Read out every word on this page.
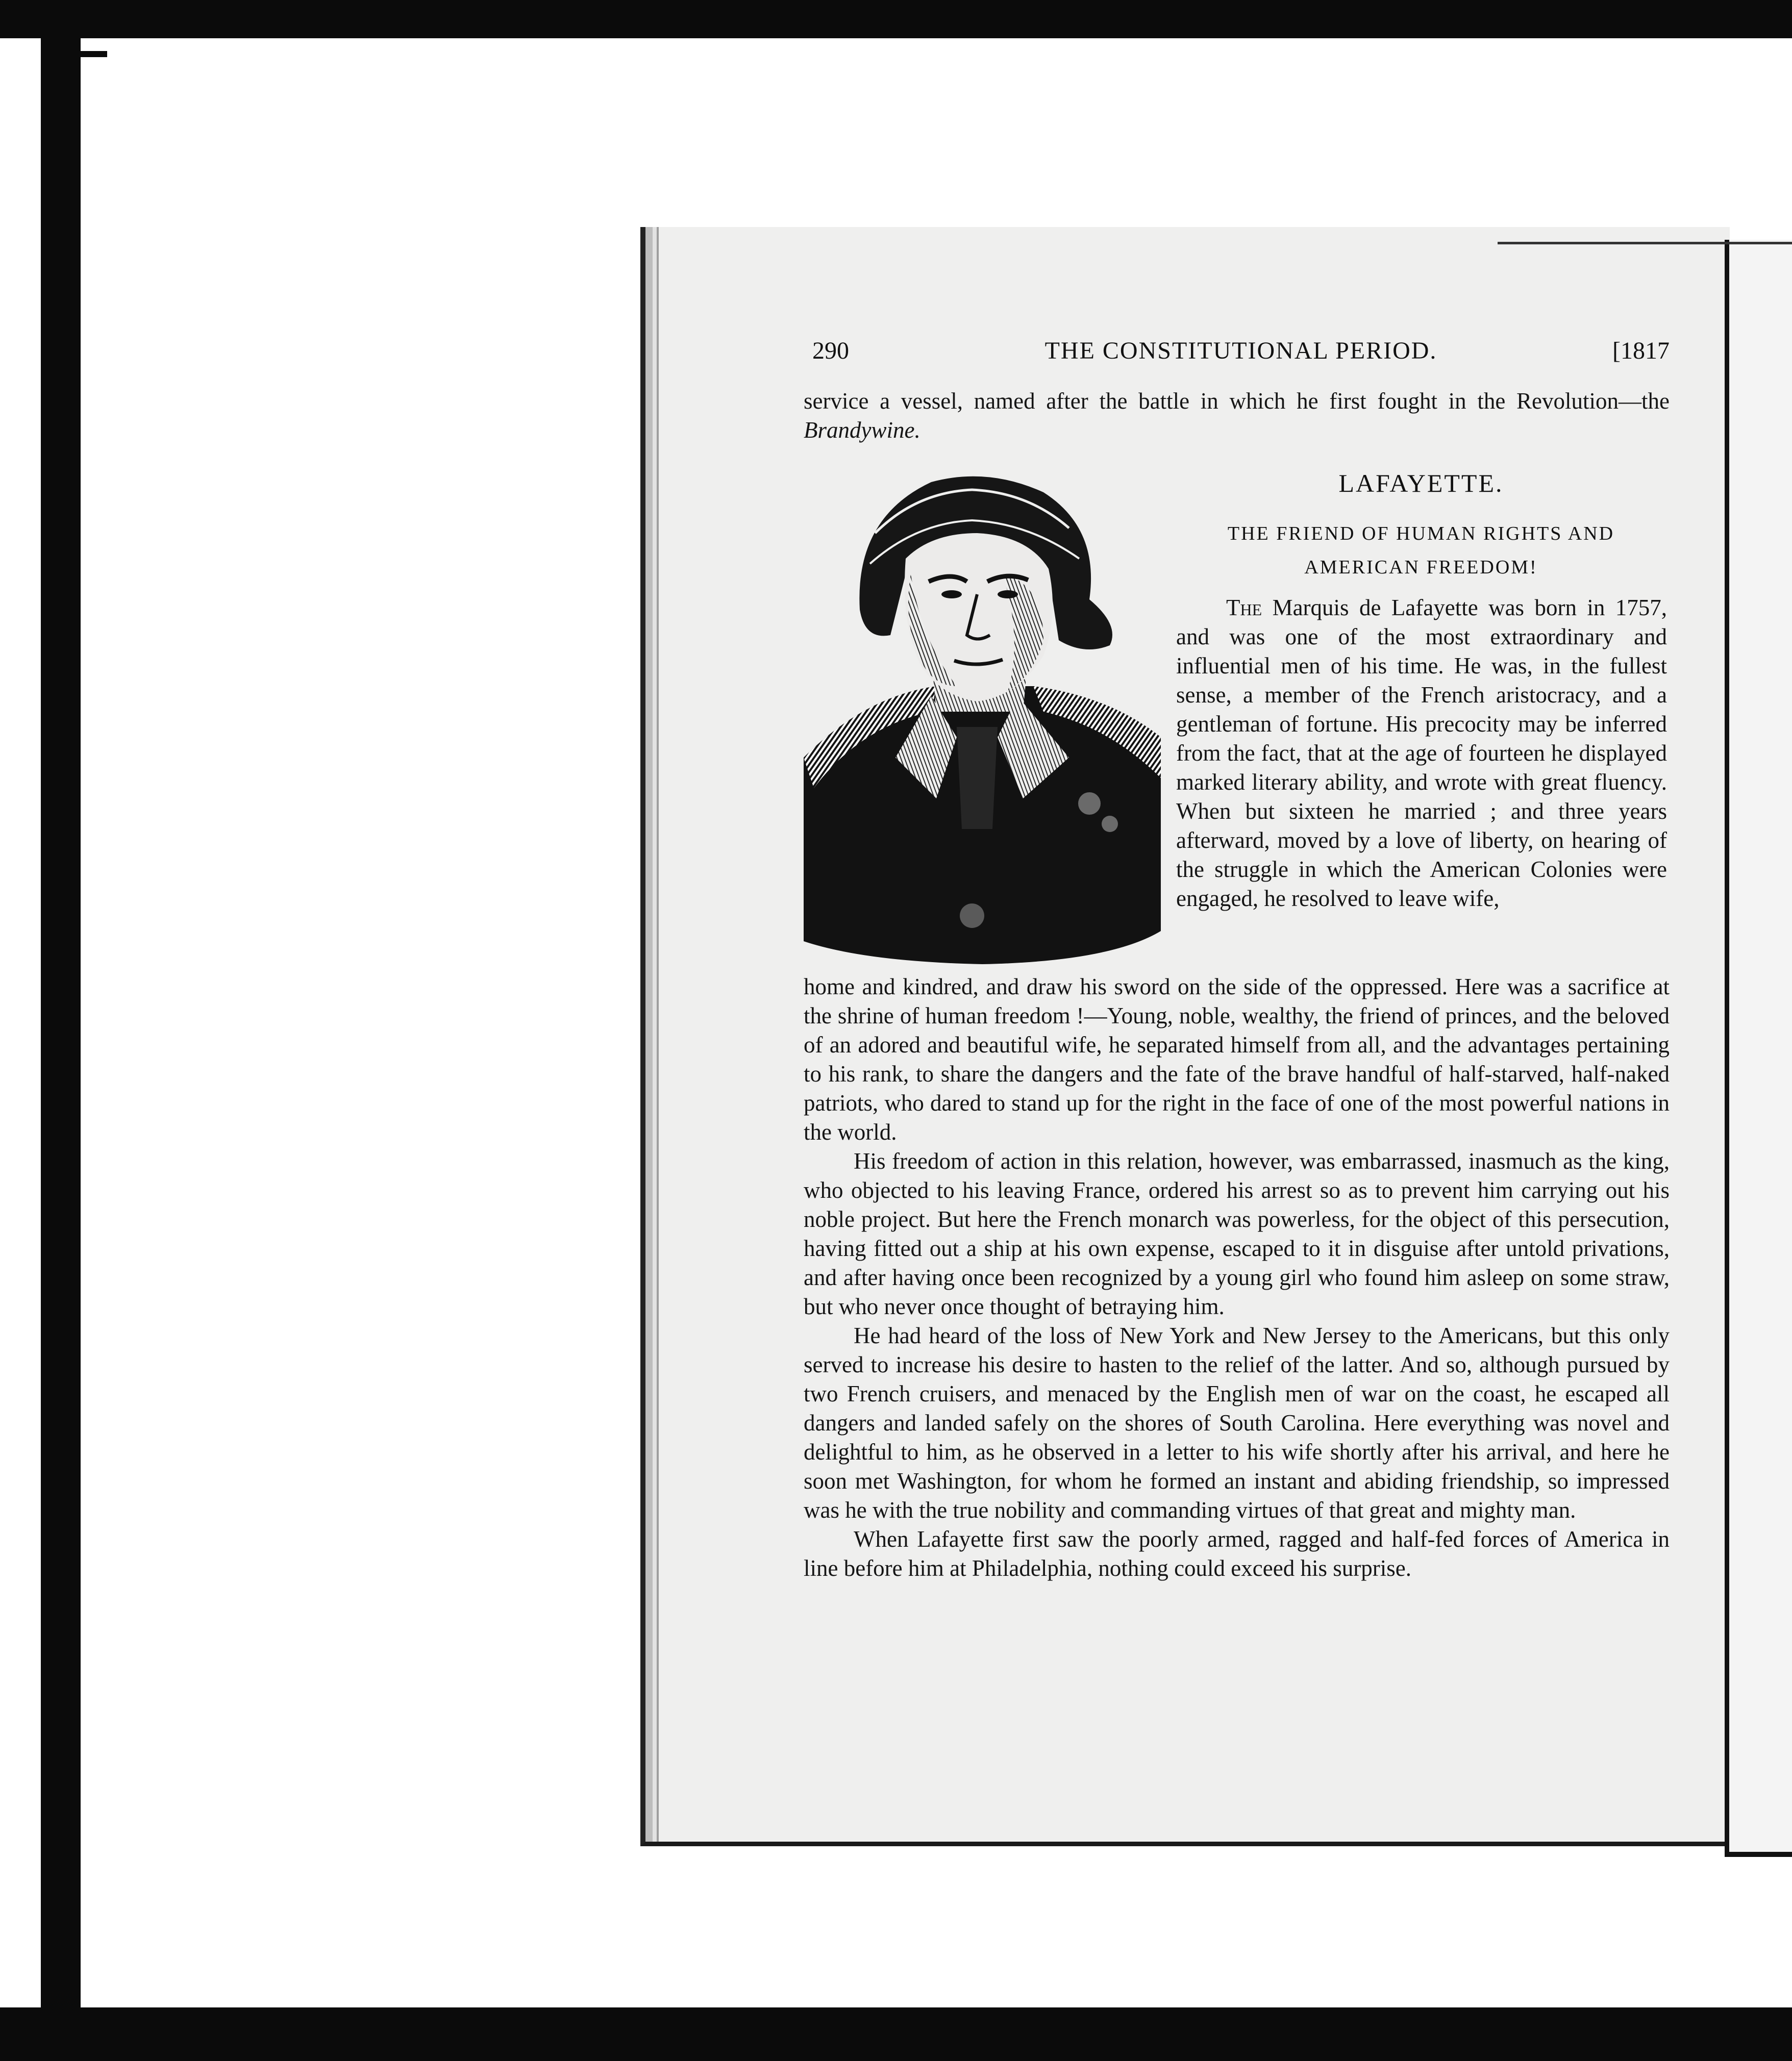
290	THE CONSTITUTIONAL PERIOD.	[1817
service a vessel, named after the battle in which he first fought in the Revolution—the Brandywine.
LAFAYETTE.
THE FRIEND OF HUMAN RIGHTS AND AMERICAN FREEDOM!

The Marquis de Lafayette was born in 1757, and was one of the most extraordinary and influential men of his time. He was, in the fullest sense, a member of the French aristocracy, and a gentleman of fortune. His precocity may be inferred from the fact, that at the age of fourteen he displayed marked literary ability, and wrote with great fluency. When but sixteen he married ; and three years afterward, moved by a love of liberty, on hearing of the struggle in which the American Colonies were engaged, he resolved to leave wife,

home and kindred, and draw his sword on the side of the oppressed. Here was a sacrifice at the shrine of human freedom !—Young, noble, wealthy, the friend of princes, and the beloved of an adored and beautiful wife, he separated himself from all, and the advantages pertaining to his rank, to share the dangers and the fate of the brave handful of half-starved, half-naked patriots, who dared to stand up for the right in the face of one of the most powerful nations in the world.

His freedom of action in this relation, however, was embarrassed, inasmuch as the king, who objected to his leaving France, ordered his arrest so as to prevent him carrying out his noble project. But here the French monarch was powerless, for the object of this persecution, having fitted out a ship at his own expense, escaped to it in disguise after untold privations, and after having once been recognized by a young girl who found him asleep on some straw, but who never once thought of betraying him.

He had heard of the loss of New York and New Jersey to the Americans, but this only served to increase his desire to hasten to the relief of the latter. And so, although pursued by two French cruisers, and menaced by the English men of war on the coast, he escaped all dangers and landed safely on the shores of South Carolina. Here everything was novel and delightful to him, as he observed in a letter to his wife shortly after his arrival, and here he soon met Washington, for whom he formed an instant and abiding friendship, so impressed was he with the true nobility and commanding virtues of that great and mighty man.

When Lafayette first saw the poorly armed, ragged and half-fed forces of America in line before him at Philadelphia, nothing could exceed his surprise.
